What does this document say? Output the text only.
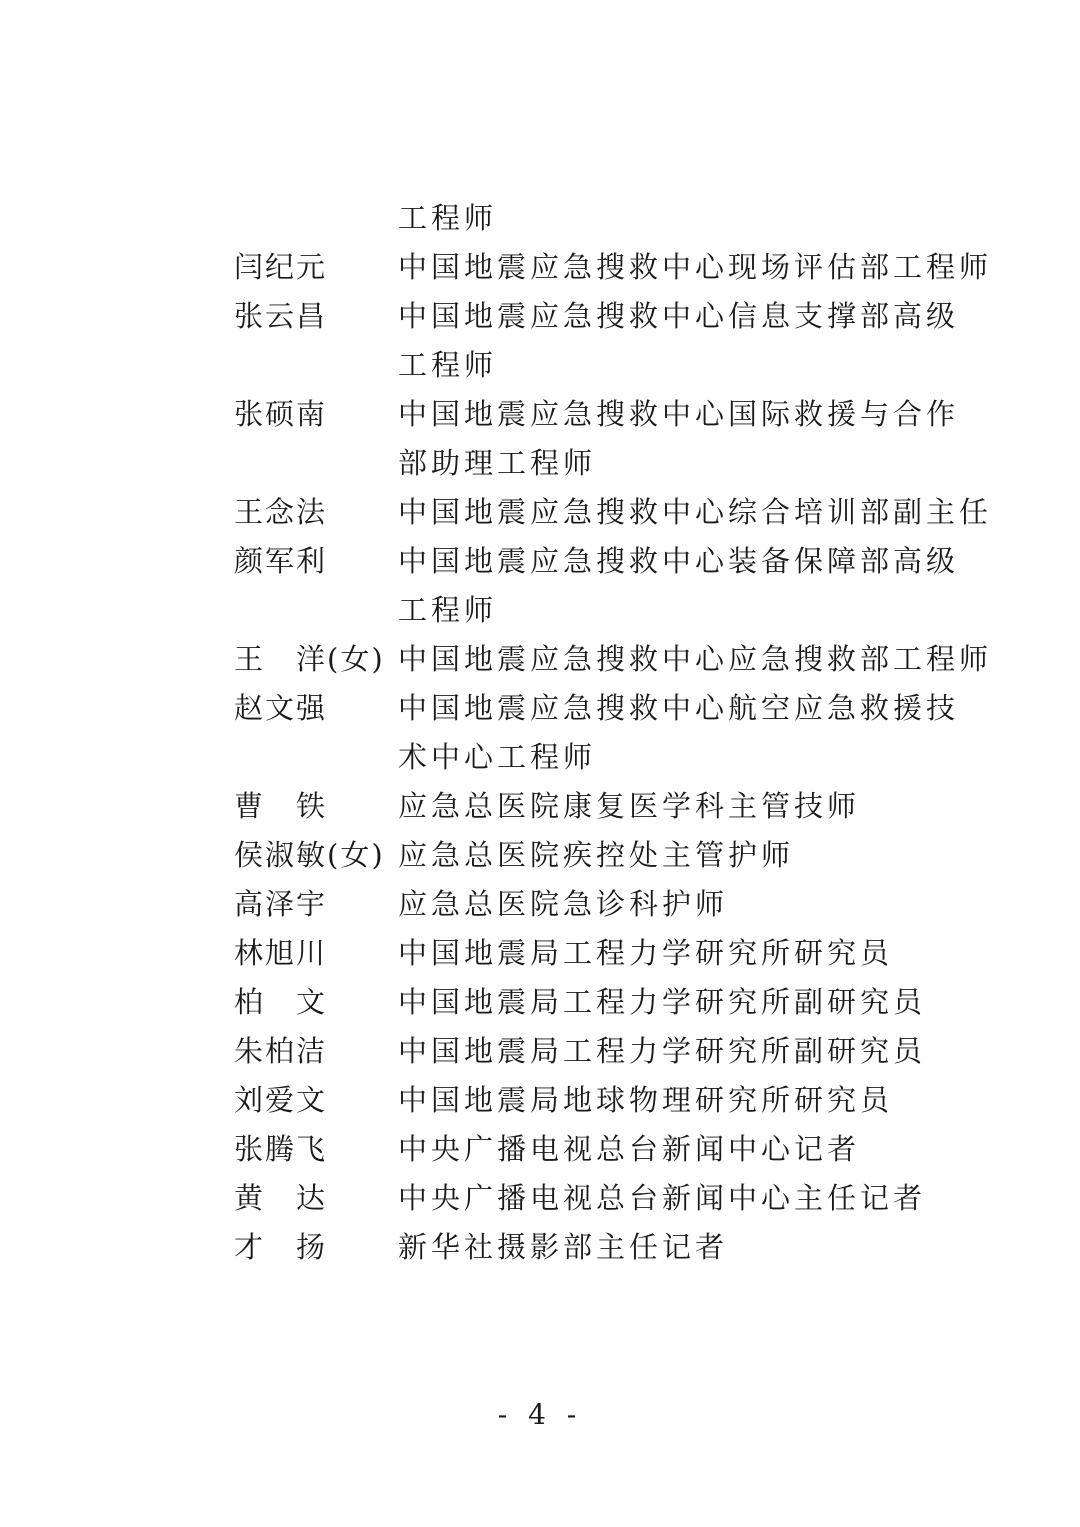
工程师
闫纪元	中国地震应急搜救中心现场评估部工程师
张云昌	中国地震应急搜救中心信息支撑部高级
工程师
张硕南	中国地震应急搜救中心国际救援与合作
部助理工程师
王念法	中国地震应急搜救中心综合培训部副主任
颜军利	中国地震应急搜救中心装备保障部高级
工程师
王　洋(女) 中国地震应急搜救中心应急搜救部工程师
赵文强	中国地震应急搜救中心航空应急救援技
术中心工程师
曹　铁	应急总医院康复医学科主管技师
侯淑敏(女) 应急总医院疾控处主管护师
高泽宇	应急总医院急诊科护师
林旭川	中国地震局工程力学研究所研究员
柏　文	中国地震局工程力学研究所副研究员
朱柏洁	中国地震局工程力学研究所副研究员
刘爱文	中国地震局地球物理研究所研究员
张腾飞	中央广播电视总台新闻中心记者
黄　达	中央广播电视总台新闻中心主任记者
才　扬	新华社摄影部主任记者
- 4 -
